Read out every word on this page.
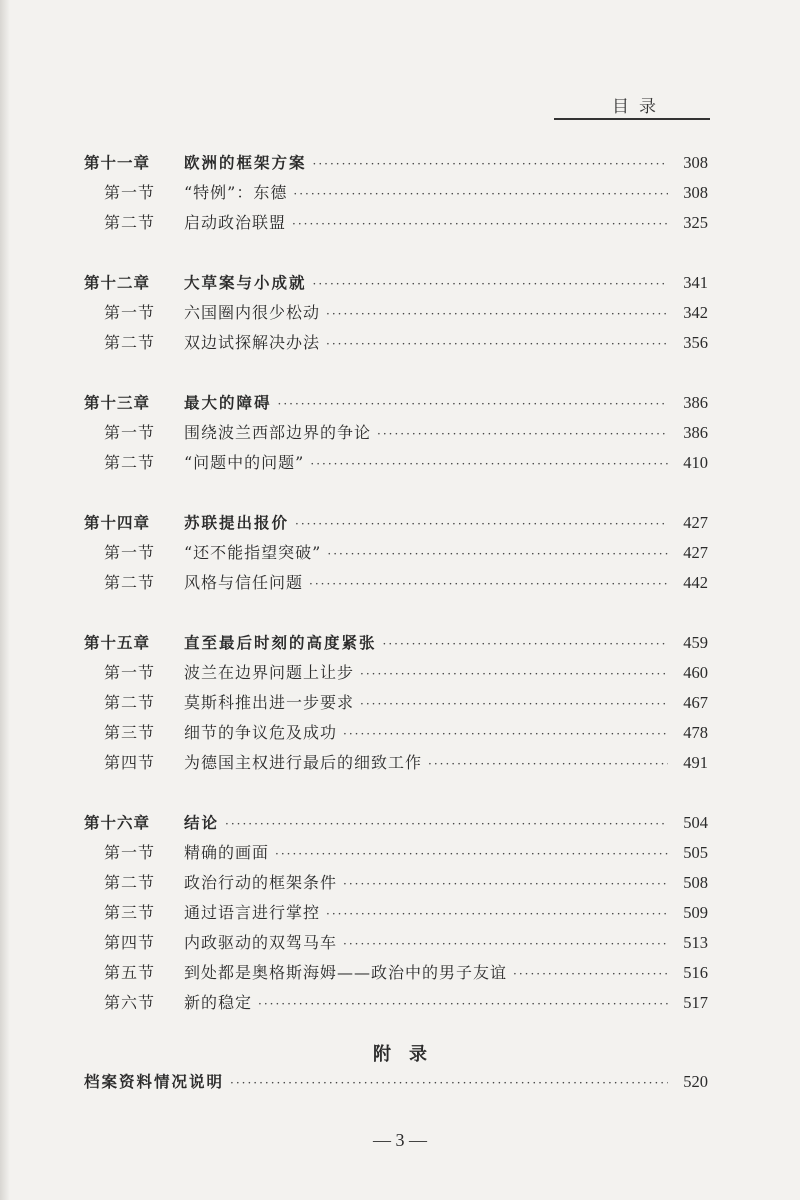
目录
第十一章	欧洲的框架方案 ·····	308
第一节	“特例”：东德 ·····	308
第二节	启动政治联盟 ·····	325
第十二章	大草案与小成就 ·····	341
第一节	六国圈内很少松动 ·····	342
第二节	双边试探解决办法 ·····	356
第十三章	最大的障碍 ·····	386
第一节	围绕波兰西部边界的争论 ·····	386
第二节	“问题中的问题” ·····	410
第十四章	苏联提出报价 ·····	427
第一节	“还不能指望突破” ·····	427
第二节	风格与信任问题 ·····	442
第十五章	直至最后时刻的高度紧张 ·····	459
第一节	波兰在边界问题上让步 ·····	460
第二节	莫斯科推出进一步要求 ·····	467
第三节	细节的争议危及成功 ·····	478
第四节	为德国主权进行最后的细致工作 ·····	491
第十六章	结论 ·····	504
第一节	精确的画面 ·····	505
第二节	政治行动的框架条件 ·····	508
第三节	通过语言进行掌控 ·····	509
第四节	内政驱动的双驾马车 ·····	513
第五节	到处都是奥格斯海姆——政治中的男子友谊 ·····	516
第六节	新的稳定 ·····	517
附录
档案资料情况说明 ·····	520
— 3 —
